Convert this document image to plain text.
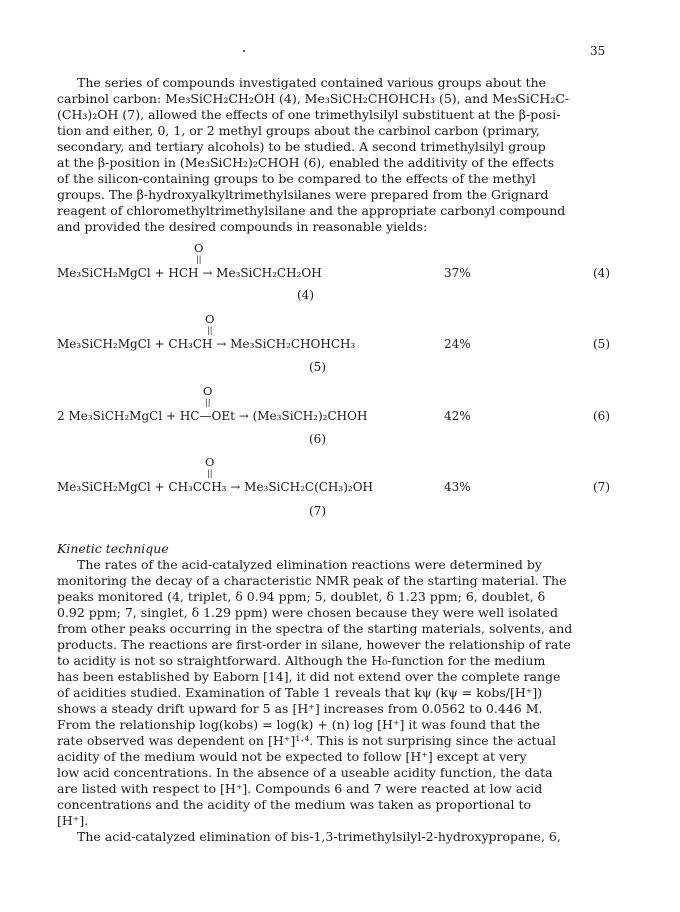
35
The series of compounds investigated contained various groups about the
carbinol carbon: Me₃SiCH₂CH₂OH (4), Me₃SiCH₂CHOHCH₃ (5), and Me₃SiCH₂C-
(CH₃)₂OH (7), allowed the effects of one trimethylsilyl substituent at the β-posi-
tion and either, 0, 1, or 2 methyl groups about the carbinol carbon (primary,
secondary, and tertiary alcohols) to be studied. A second trimethylsilyl group
at the β-position in (Me₃SiCH₂)₂CHOH (6), enabled the additivity of the effects
of the silicon-containing groups to be compared to the effects of the methyl
groups. The β-hydroxyalkyltrimethylsilanes were prepared from the Grignard
reagent of chloromethyltrimethylsilane and the appropriate carbonyl compound
and provided the desired compounds in reasonable yields:
O
||
Me₃SiCH₂MgCl + HCH → Me₃SiCH₂CH₂OH	37%	(4)
(4)
O
||
Me₃SiCH₂MgCl + CH₃CH → Me₃SiCH₂CHOHCH₃	24%	(5)
(5)
O
||
2 Me₃SiCH₂MgCl + HC—OEt → (Me₃SiCH₂)₂CHOH	42%	(6)
(6)
O
||
Me₃SiCH₂MgCl + CH₃CCH₃ → Me₃SiCH₂C(CH₃)₂OH	43%	(7)
(7)
Kinetic technique
The rates of the acid-catalyzed elimination reactions were determined by
monitoring the decay of a characteristic NMR peak of the starting material. The
peaks monitored (4, triplet, δ 0.94 ppm; 5, doublet, δ 1.23 ppm; 6, doublet, δ
0.92 ppm; 7, singlet, δ 1.29 ppm) were chosen because they were well isolated
from other peaks occurring in the spectra of the starting materials, solvents, and
products. The reactions are first-order in silane, however the relationship of rate
to acidity is not so straightforward. Although the H₀-function for the medium
has been established by Eaborn [14], it did not extend over the complete range
of acidities studied. Examination of Table 1 reveals that kψ (kψ = kobs/[H⁺])
shows a steady drift upward for 5 as [H⁺] increases from 0.0562 to 0.446 M.
From the relationship log(kobs) = log(k) + (n) log [H⁺] it was found that the
rate observed was dependent on [H⁺]¹·⁴. This is not surprising since the actual
acidity of the medium would not be expected to follow [H⁺] except at very
low acid concentrations. In the absence of a useable acidity function, the data
are listed with respect to [H⁺]. Compounds 6 and 7 were reacted at low acid
concentrations and the acidity of the medium was taken as proportional to
[H⁺].
The acid-catalyzed elimination of bis-1,3-trimethylsilyl-2-hydroxypropane, 6,
